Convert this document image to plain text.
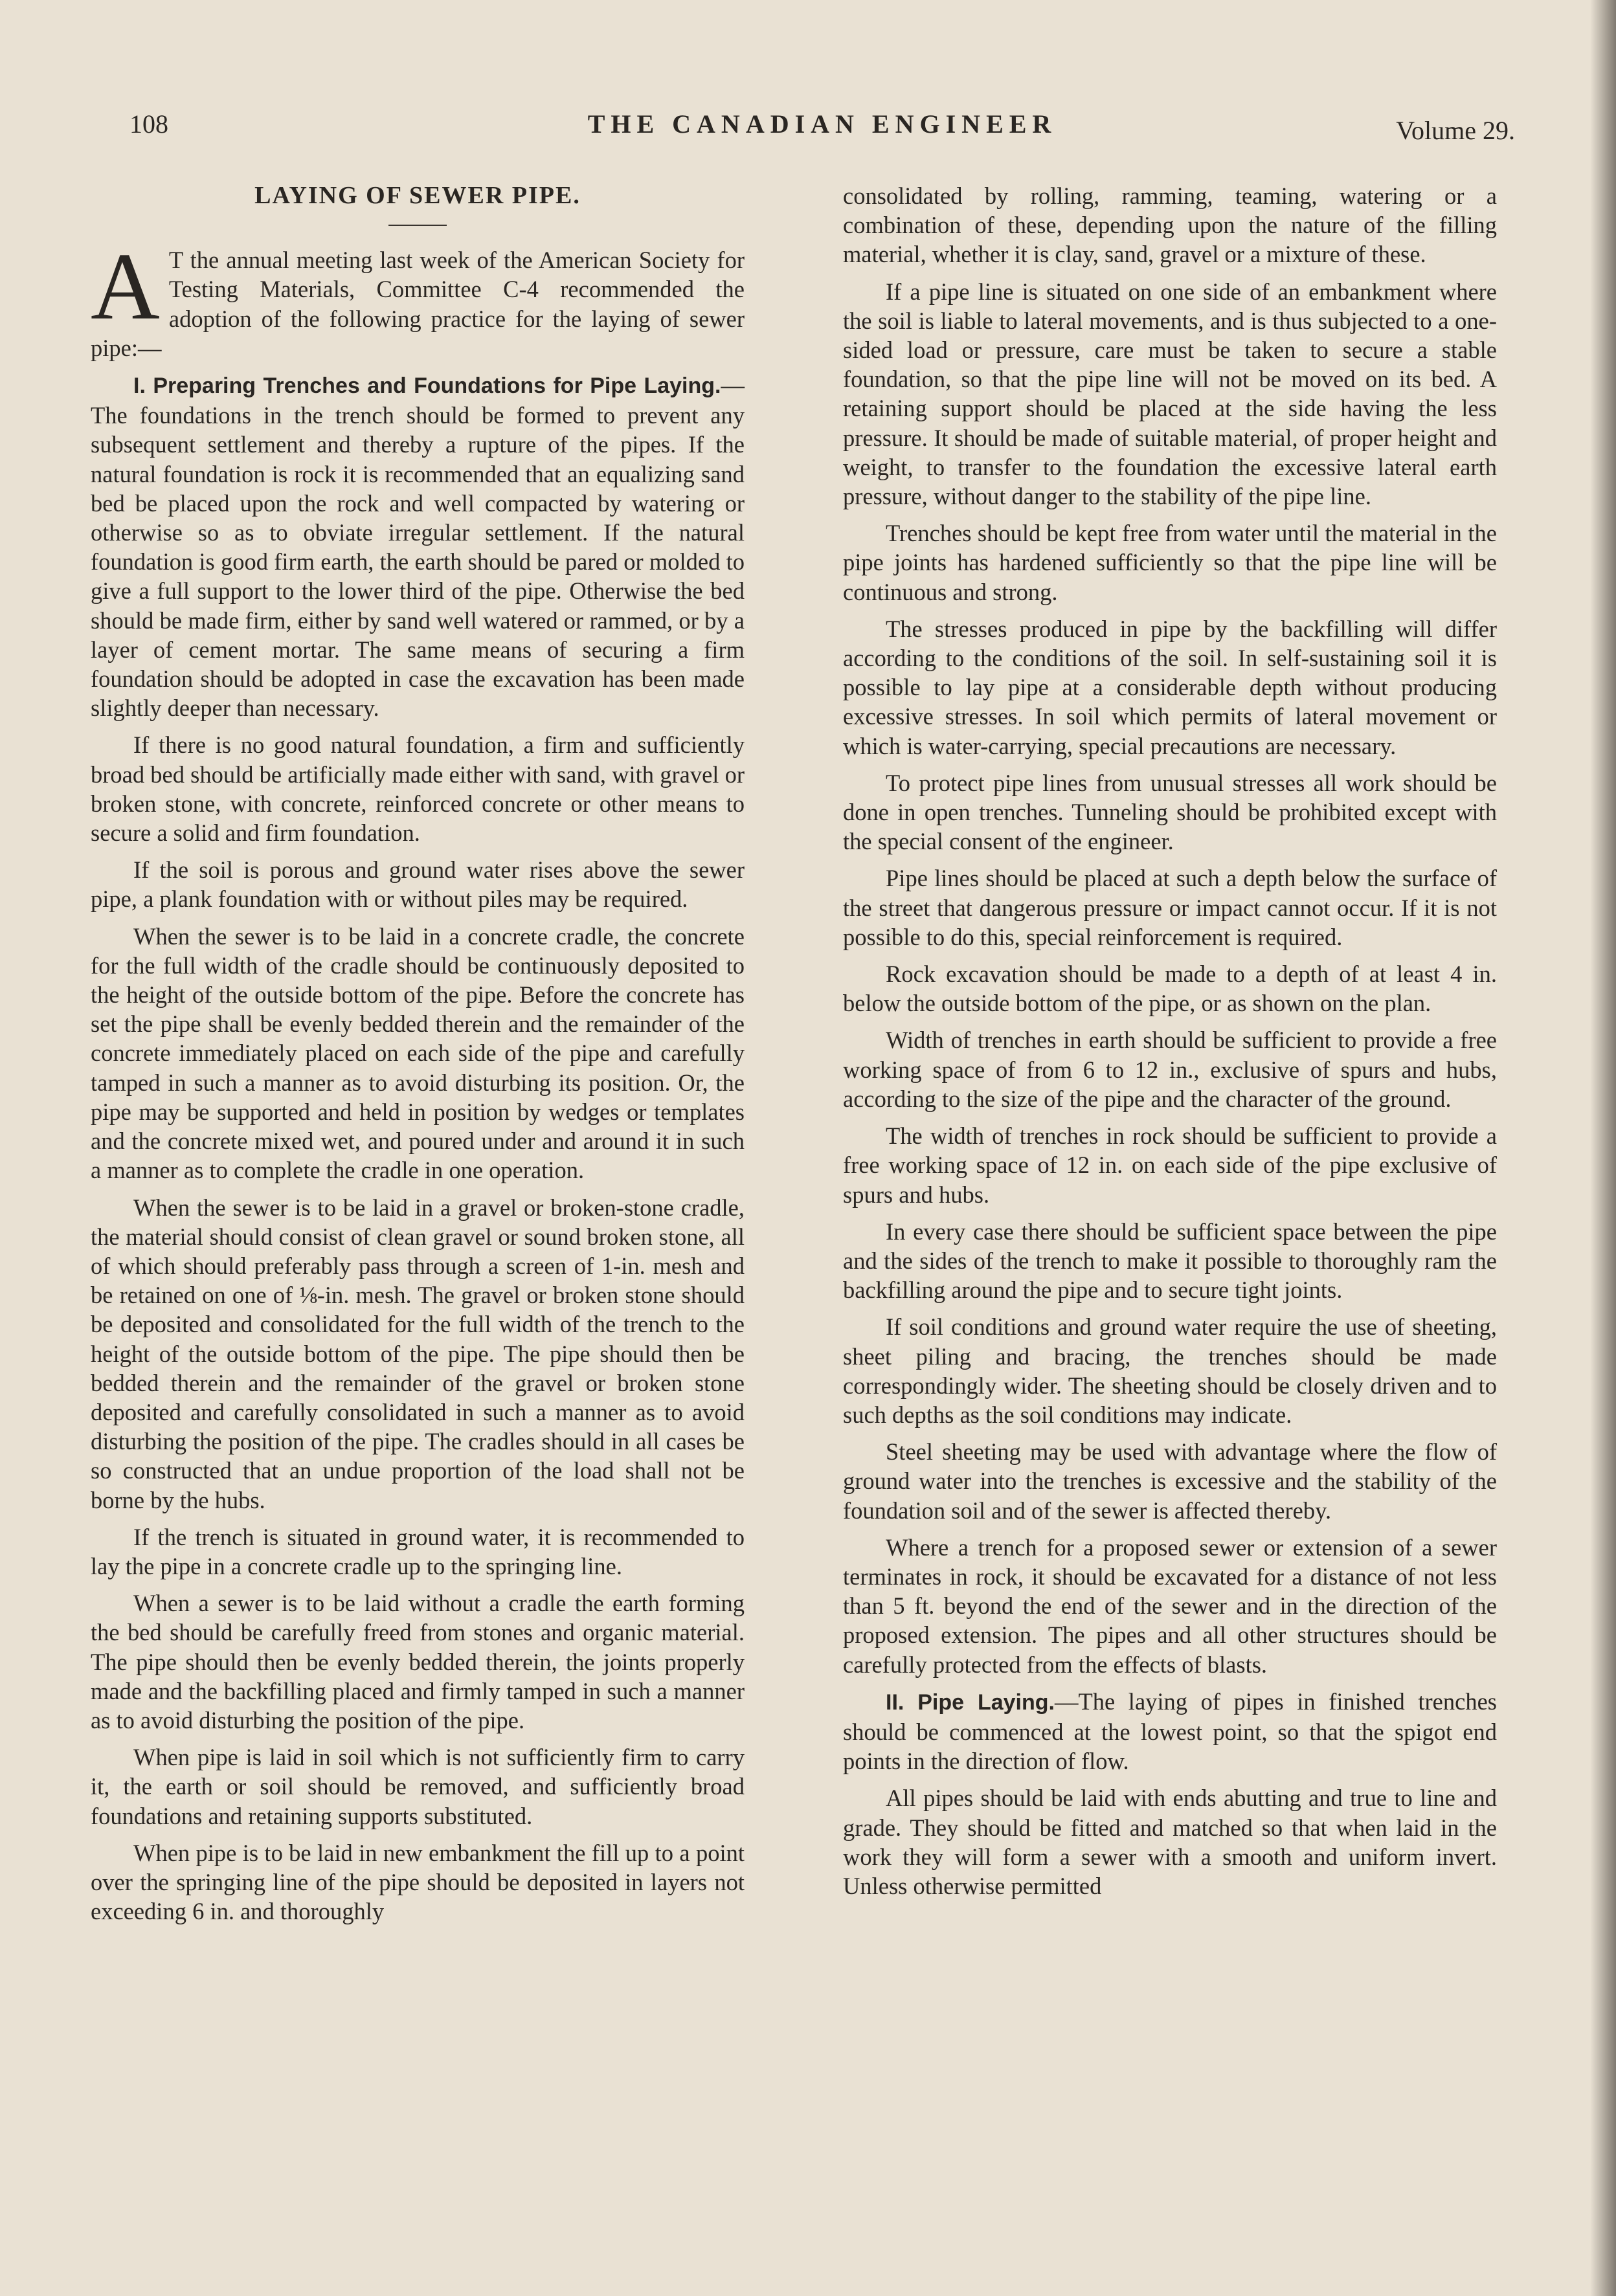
108	THE CANADIAN ENGINEER	Volume 29.
LAYING OF SEWER PIPE.

A T the annual meeting last week of the American Society for Testing Materials, Committee C-4 recommended the adoption of the following practice for the laying of sewer pipe:—

I. Preparing Trenches and Foundations for Pipe Laying.—The foundations in the trench should be formed to prevent any subsequent settlement and thereby a rupture of the pipes. If the natural foundation is rock it is recommended that an equalizing sand bed be placed upon the rock and well compacted by watering or otherwise so as to obviate irregular settlement. If the natural foundation is good firm earth, the earth should be pared or molded to give a full support to the lower third of the pipe. Otherwise the bed should be made firm, either by sand well watered or rammed, or by a layer of cement mortar. The same means of securing a firm foundation should be adopted in case the excavation has been made slightly deeper than necessary.

If there is no good natural foundation, a firm and sufficiently broad bed should be artificially made either with sand, with gravel or broken stone, with concrete, reinforced concrete or other means to secure a solid and firm foundation.

If the soil is porous and ground water rises above the sewer pipe, a plank foundation with or without piles may be required.

When the sewer is to be laid in a concrete cradle, the concrete for the full width of the cradle should be continuously deposited to the height of the outside bottom of the pipe. Before the concrete has set the pipe shall be evenly bedded therein and the remainder of the concrete immediately placed on each side of the pipe and carefully tamped in such a manner as to avoid disturbing its position. Or, the pipe may be supported and held in position by wedges or templates and the concrete mixed wet, and poured under and around it in such a manner as to complete the cradle in one operation.

When the sewer is to be laid in a gravel or broken-stone cradle, the material should consist of clean gravel or sound broken stone, all of which should preferably pass through a screen of 1-in. mesh and be retained on one of ⅛-in. mesh. The gravel or broken stone should be deposited and consolidated for the full width of the trench to the height of the outside bottom of the pipe. The pipe should then be bedded therein and the remainder of the gravel or broken stone deposited and carefully consolidated in such a manner as to avoid disturbing the position of the pipe. The cradles should in all cases be so constructed that an undue proportion of the load shall not be borne by the hubs.

If the trench is situated in ground water, it is recommended to lay the pipe in a concrete cradle up to the springing line.

When a sewer is to be laid without a cradle the earth forming the bed should be carefully freed from stones and organic material. The pipe should then be evenly bedded therein, the joints properly made and the backfilling placed and firmly tamped in such a manner as to avoid disturbing the position of the pipe.

When pipe is laid in soil which is not sufficiently firm to carry it, the earth or soil should be removed, and sufficiently broad foundations and retaining supports substituted.

When pipe is to be laid in new embankment the fill up to a point over the springing line of the pipe should be deposited in layers not exceeding 6 in. and thoroughly

consolidated by rolling, ramming, teaming, watering or a combination of these, depending upon the nature of the filling material, whether it is clay, sand, gravel or a mixture of these.

If a pipe line is situated on one side of an embankment where the soil is liable to lateral movements, and is thus subjected to a one-sided load or pressure, care must be taken to secure a stable foundation, so that the pipe line will not be moved on its bed. A retaining support should be placed at the side having the less pressure. It should be made of suitable material, of proper height and weight, to transfer to the foundation the excessive lateral earth pressure, without danger to the stability of the pipe line.

Trenches should be kept free from water until the material in the pipe joints has hardened sufficiently so that the pipe line will be continuous and strong.

The stresses produced in pipe by the backfilling will differ according to the conditions of the soil. In self-sustaining soil it is possible to lay pipe at a considerable depth without producing excessive stresses. In soil which permits of lateral movement or which is water-carrying, special precautions are necessary.

To protect pipe lines from unusual stresses all work should be done in open trenches. Tunneling should be prohibited except with the special consent of the engineer.

Pipe lines should be placed at such a depth below the surface of the street that dangerous pressure or impact cannot occur. If it is not possible to do this, special reinforcement is required.

Rock excavation should be made to a depth of at least 4 in. below the outside bottom of the pipe, or as shown on the plan.

Width of trenches in earth should be sufficient to provide a free working space of from 6 to 12 in., exclusive of spurs and hubs, according to the size of the pipe and the character of the ground.

The width of trenches in rock should be sufficient to provide a free working space of 12 in. on each side of the pipe exclusive of spurs and hubs.

In every case there should be sufficient space between the pipe and the sides of the trench to make it possible to thoroughly ram the backfilling around the pipe and to secure tight joints.

If soil conditions and ground water require the use of sheeting, sheet piling and bracing, the trenches should be made correspondingly wider. The sheeting should be closely driven and to such depths as the soil conditions may indicate.

Steel sheeting may be used with advantage where the flow of ground water into the trenches is excessive and the stability of the foundation soil and of the sewer is affected thereby.

Where a trench for a proposed sewer or extension of a sewer terminates in rock, it should be excavated for a distance of not less than 5 ft. beyond the end of the sewer and in the direction of the proposed extension. The pipes and all other structures should be carefully protected from the effects of blasts.

II. Pipe Laying.—The laying of pipes in finished trenches should be commenced at the lowest point, so that the spigot end points in the direction of flow.

All pipes should be laid with ends abutting and true to line and grade. They should be fitted and matched so that when laid in the work they will form a sewer with a smooth and uniform invert. Unless otherwise permitted
